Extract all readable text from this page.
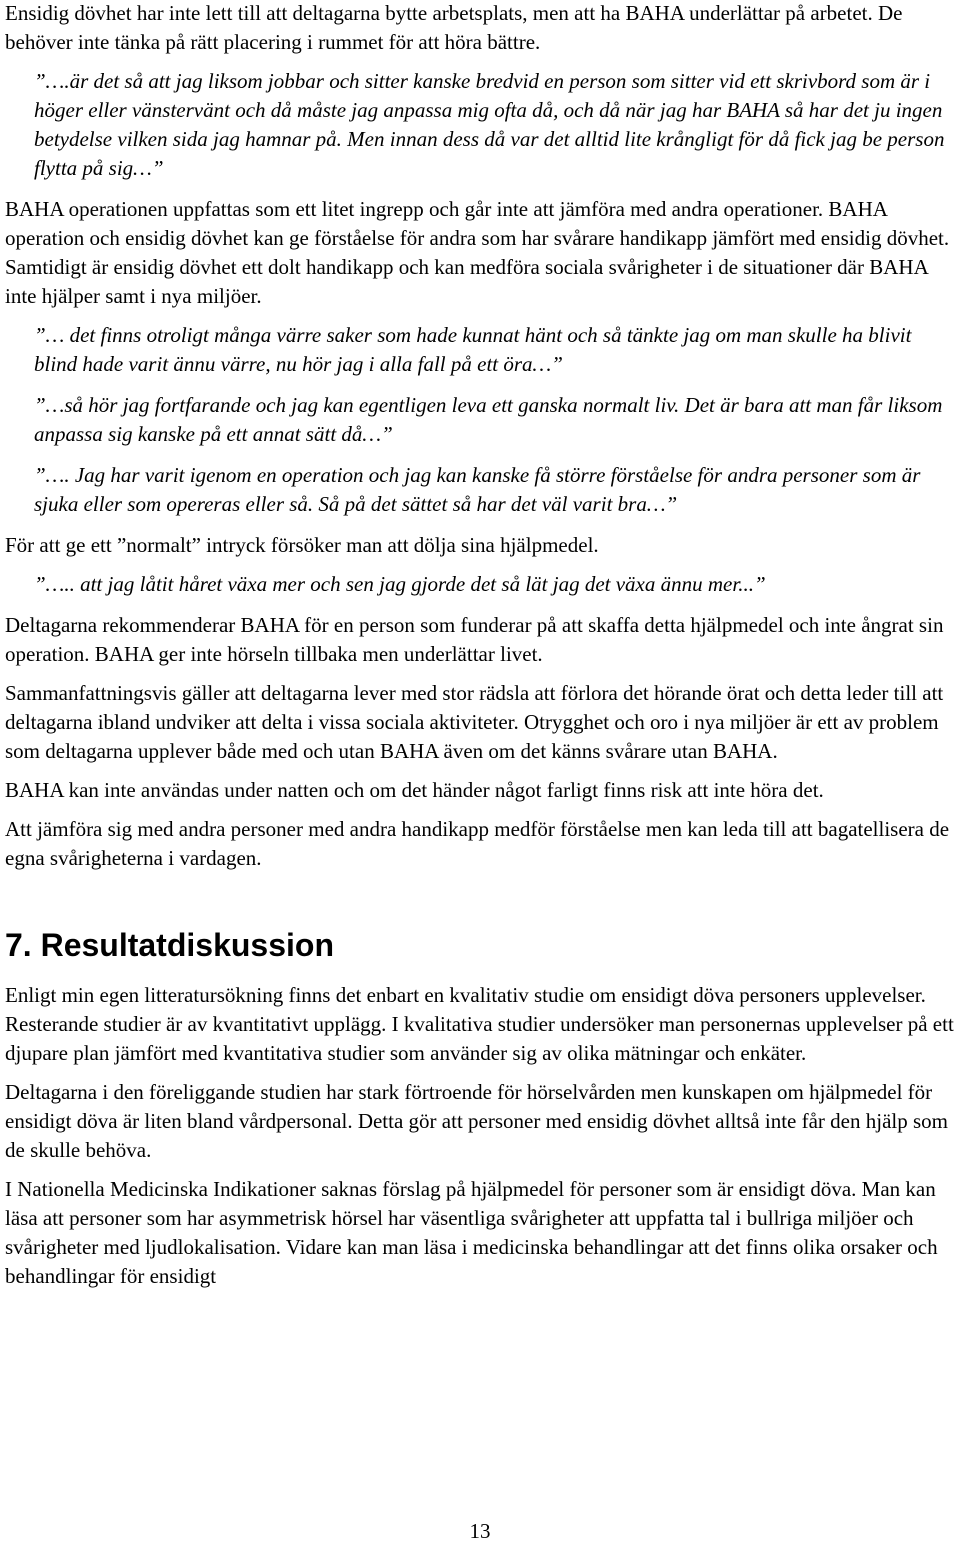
Ensidig dövhet har inte lett till att deltagarna bytte arbetsplats, men att ha BAHA underlättar på arbetet. De behöver inte tänka på rätt placering i rummet för att höra bättre.

”….är det så att jag liksom jobbar och sitter kanske bredvid en person som sitter vid ett skrivbord som är i höger eller vänstervänt och då måste jag anpassa mig ofta då, och då när jag har BAHA så har det ju ingen betydelse vilken sida jag hamnar på. Men innan dess då var det alltid lite krångligt för då fick jag be person flytta på sig…”

BAHA operationen uppfattas som ett litet ingrepp och går inte att jämföra med andra operationer. BAHA operation och ensidig dövhet kan ge förståelse för andra som har svårare handikapp jämfört med ensidig dövhet. Samtidigt är ensidig dövhet ett dolt handikapp och kan medföra sociala svårigheter i de situationer där BAHA inte hjälper samt i nya miljöer.

”… det finns otroligt många värre saker som hade kunnat hänt och så tänkte jag om man skulle ha blivit blind hade varit ännu värre, nu hör jag i alla fall på ett öra…”

”…så hör jag fortfarande och jag kan egentligen leva ett ganska normalt liv. Det är bara att man får liksom anpassa sig kanske på ett annat sätt då…”

”…. Jag har varit igenom en operation och jag kan kanske få större förståelse för andra personer som är sjuka eller som opereras eller så. Så på det sättet så har det väl varit bra…”

För att ge ett ”normalt” intryck försöker man att dölja sina hjälpmedel.

”….. att jag låtit håret växa mer och sen jag gjorde det så lät jag det växa ännu mer...”

Deltagarna rekommenderar BAHA för en person som funderar på att skaffa detta hjälpmedel och inte ångrat sin operation. BAHA ger inte hörseln tillbaka men underlättar livet.

Sammanfattningsvis gäller att deltagarna lever med stor rädsla att förlora det hörande örat och detta leder till att deltagarna ibland undviker att delta i vissa sociala aktiviteter. Otrygghet och oro i nya miljöer är ett av problem som deltagarna upplever både med och utan BAHA även om det känns svårare utan BAHA.

BAHA kan inte användas under natten och om det händer något farligt finns risk att inte höra det.

Att jämföra sig med andra personer med andra handikapp medför förståelse men kan leda till att bagatellisera de egna svårigheterna i vardagen.

7. Resultatdiskussion

Enligt min egen litteratursökning finns det enbart en kvalitativ studie om ensidigt döva personers upplevelser. Resterande studier är av kvantitativt upplägg. I kvalitativa studier undersöker man personernas upplevelser på ett djupare plan jämfört med kvantitativa studier som använder sig av olika mätningar och enkäter.

Deltagarna i den föreliggande studien har stark förtroende för hörselvården men kunskapen om hjälpmedel för ensidigt döva är liten bland vårdpersonal. Detta gör att personer med ensidig dövhet alltså inte får den hjälp som de skulle behöva.

I Nationella Medicinska Indikationer saknas förslag på hjälpmedel för personer som är ensidigt döva. Man kan läsa att personer som har asymmetrisk hörsel har väsentliga svårigheter att uppfatta tal i bullriga miljöer och svårigheter med ljudlokalisation. Vidare kan man läsa i medicinska behandlingar att det finns olika orsaker och behandlingar för ensidigt

13
